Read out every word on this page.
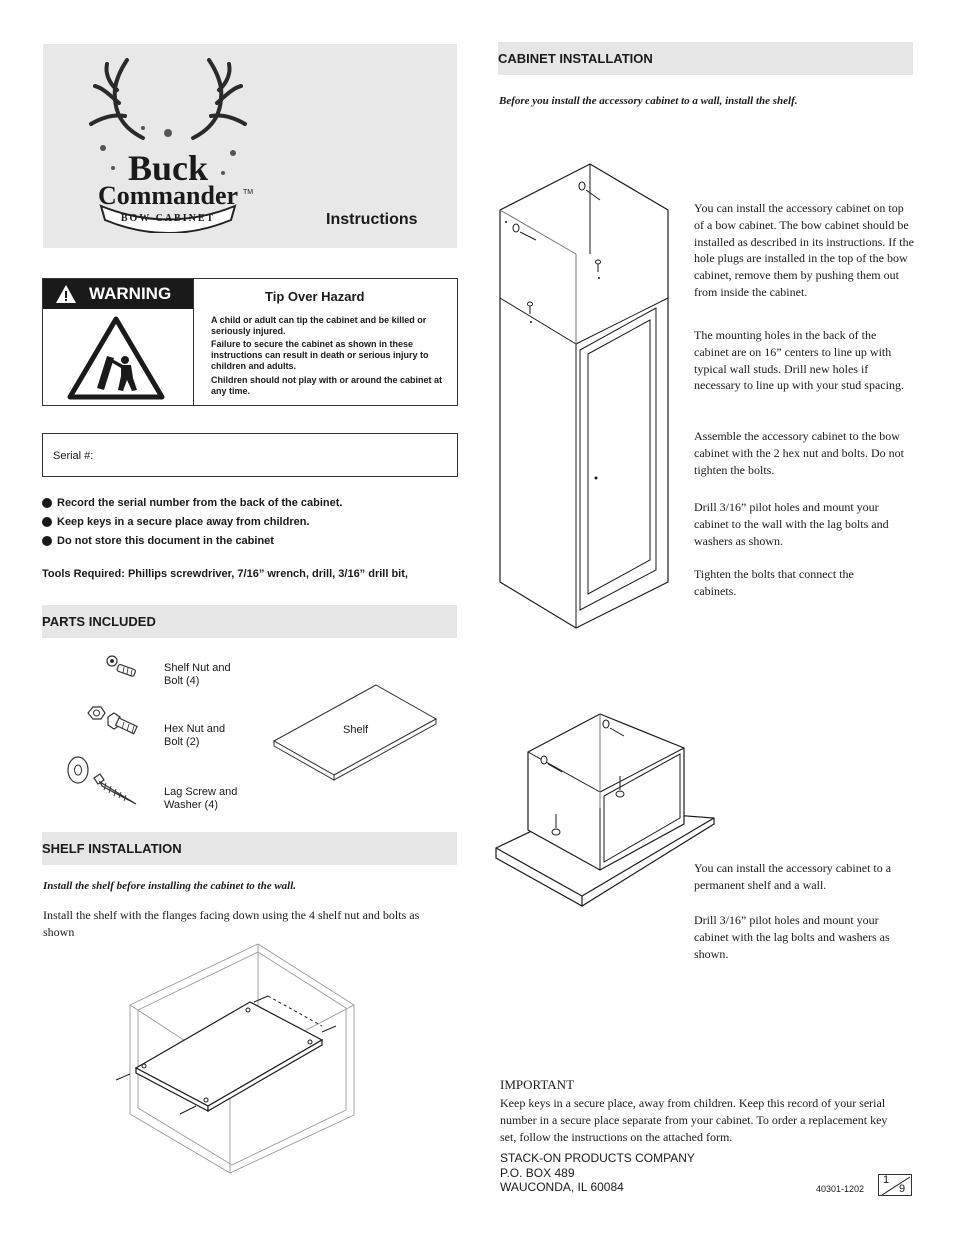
Buck
Commander
BOW CABINET
TM
Instructions
WARNING	Tip Over Hazard
A child or adult can tip the cabinet and be killed or seriously injured.
Failure to secure the cabinet as shown in these instructions can result in death or serious injury to children and adults.
Children should not play with or around the cabinet at any time.
Serial #:
Record the serial number from the back of the cabinet.
Keep keys in a secure place away from children.
Do not store this document in the cabinet
Tools Required: Phillips screwdriver, 7/16” wrench, drill, 3/16” drill bit,
PARTS INCLUDED
Shelf Nut and
Bolt (4)
Hex Nut and
Bolt (2)
Lag Screw and
Washer (4)
Shelf
SHELF INSTALLATION
Install the shelf before installing the cabinet to the wall.
Install the shelf with the flanges facing down using the 4 shelf nut and bolts as shown
CABINET INSTALLATION
Before you install the accessory cabinet to a wall, install the shelf.
You can install the accessory cabinet on top of a bow cabinet. The bow cabinet should be installed as described in its instructions. If the hole plugs are installed in the top of the bow cabinet, remove them by pushing them out from inside the cabinet.
The mounting holes in the back of the cabinet are on 16” centers to line up with typical wall studs. Drill new holes if necessary to line up with your stud spacing.
Assemble the accessory cabinet to the bow cabinet with the 2 hex nut and bolts. Do not tighten the bolts.
Drill 3/16” pilot holes and mount your cabinet to the wall with the lag bolts and washers as shown.
Tighten the bolts that connect the cabinets.
You can install the accessory cabinet to a permanent shelf and a wall.
Drill 3/16” pilot holes and mount your cabinet with the lag bolts and washers as shown.
IMPORTANT
Keep keys in a secure place, away from children. Keep this record of your serial number in a secure place separate from your cabinet. To order a replacement key set, follow the instructions on the attached form.
STACK-ON PRODUCTS COMPANY
P.O. BOX 489
WAUCONDA, IL 60084	40301-1202
1
9
